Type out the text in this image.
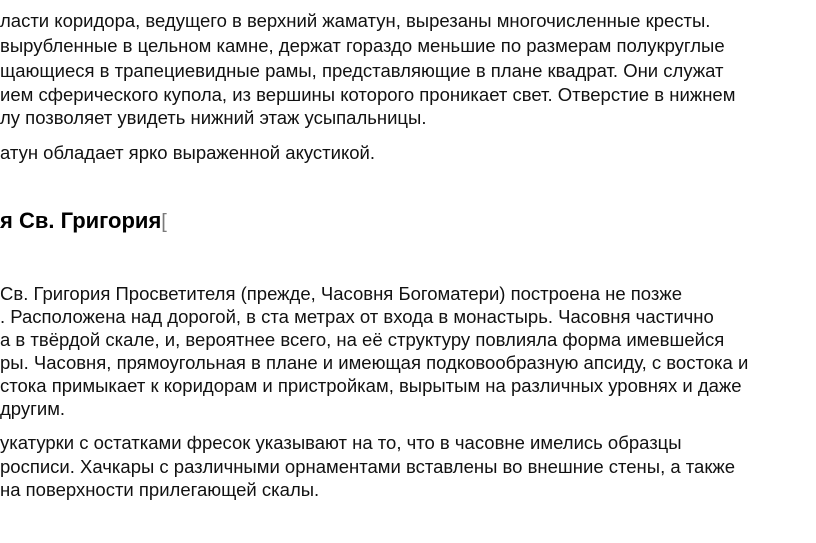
ласти коридора, ведущего в верхний жаматун, вырезаны многочисленные кресты.
вырубленные в цельном камне, держат гораздо меньшие по размерам полукруглые
щающиеся в трапециевидные рамы, представляющие в плане квадрат. Они служат
ием сферического купола, из вершины которого проникает свет. Отверстие в нижнем
лу позволяет увидеть нижний этаж усыпальницы.
атун обладает ярко выраженной акустикой.
я Св. Григория[
Св. Григория Просветителя (прежде, Часовня Богоматери) построена не позже
. Расположена над дорогой, в ста метрах от входа в монастырь. Часовня частично
а в твёрдой скале, и, вероятнее всего, на её структуру повлияла форма имевшейся
ры. Часовня, прямоугольная в плане и имеющая подковообразную апсиду, с востока и
стока примыкает к коридорам и пристройкам, вырытым на различных уровнях и даже
другим.
укатурки с остатками фресок указывают на то, что в часовне имелись образцы
росписи. Хачкары с различными орнаментами вставлены во внешние стены, а также
на поверхности прилегающей скалы.
